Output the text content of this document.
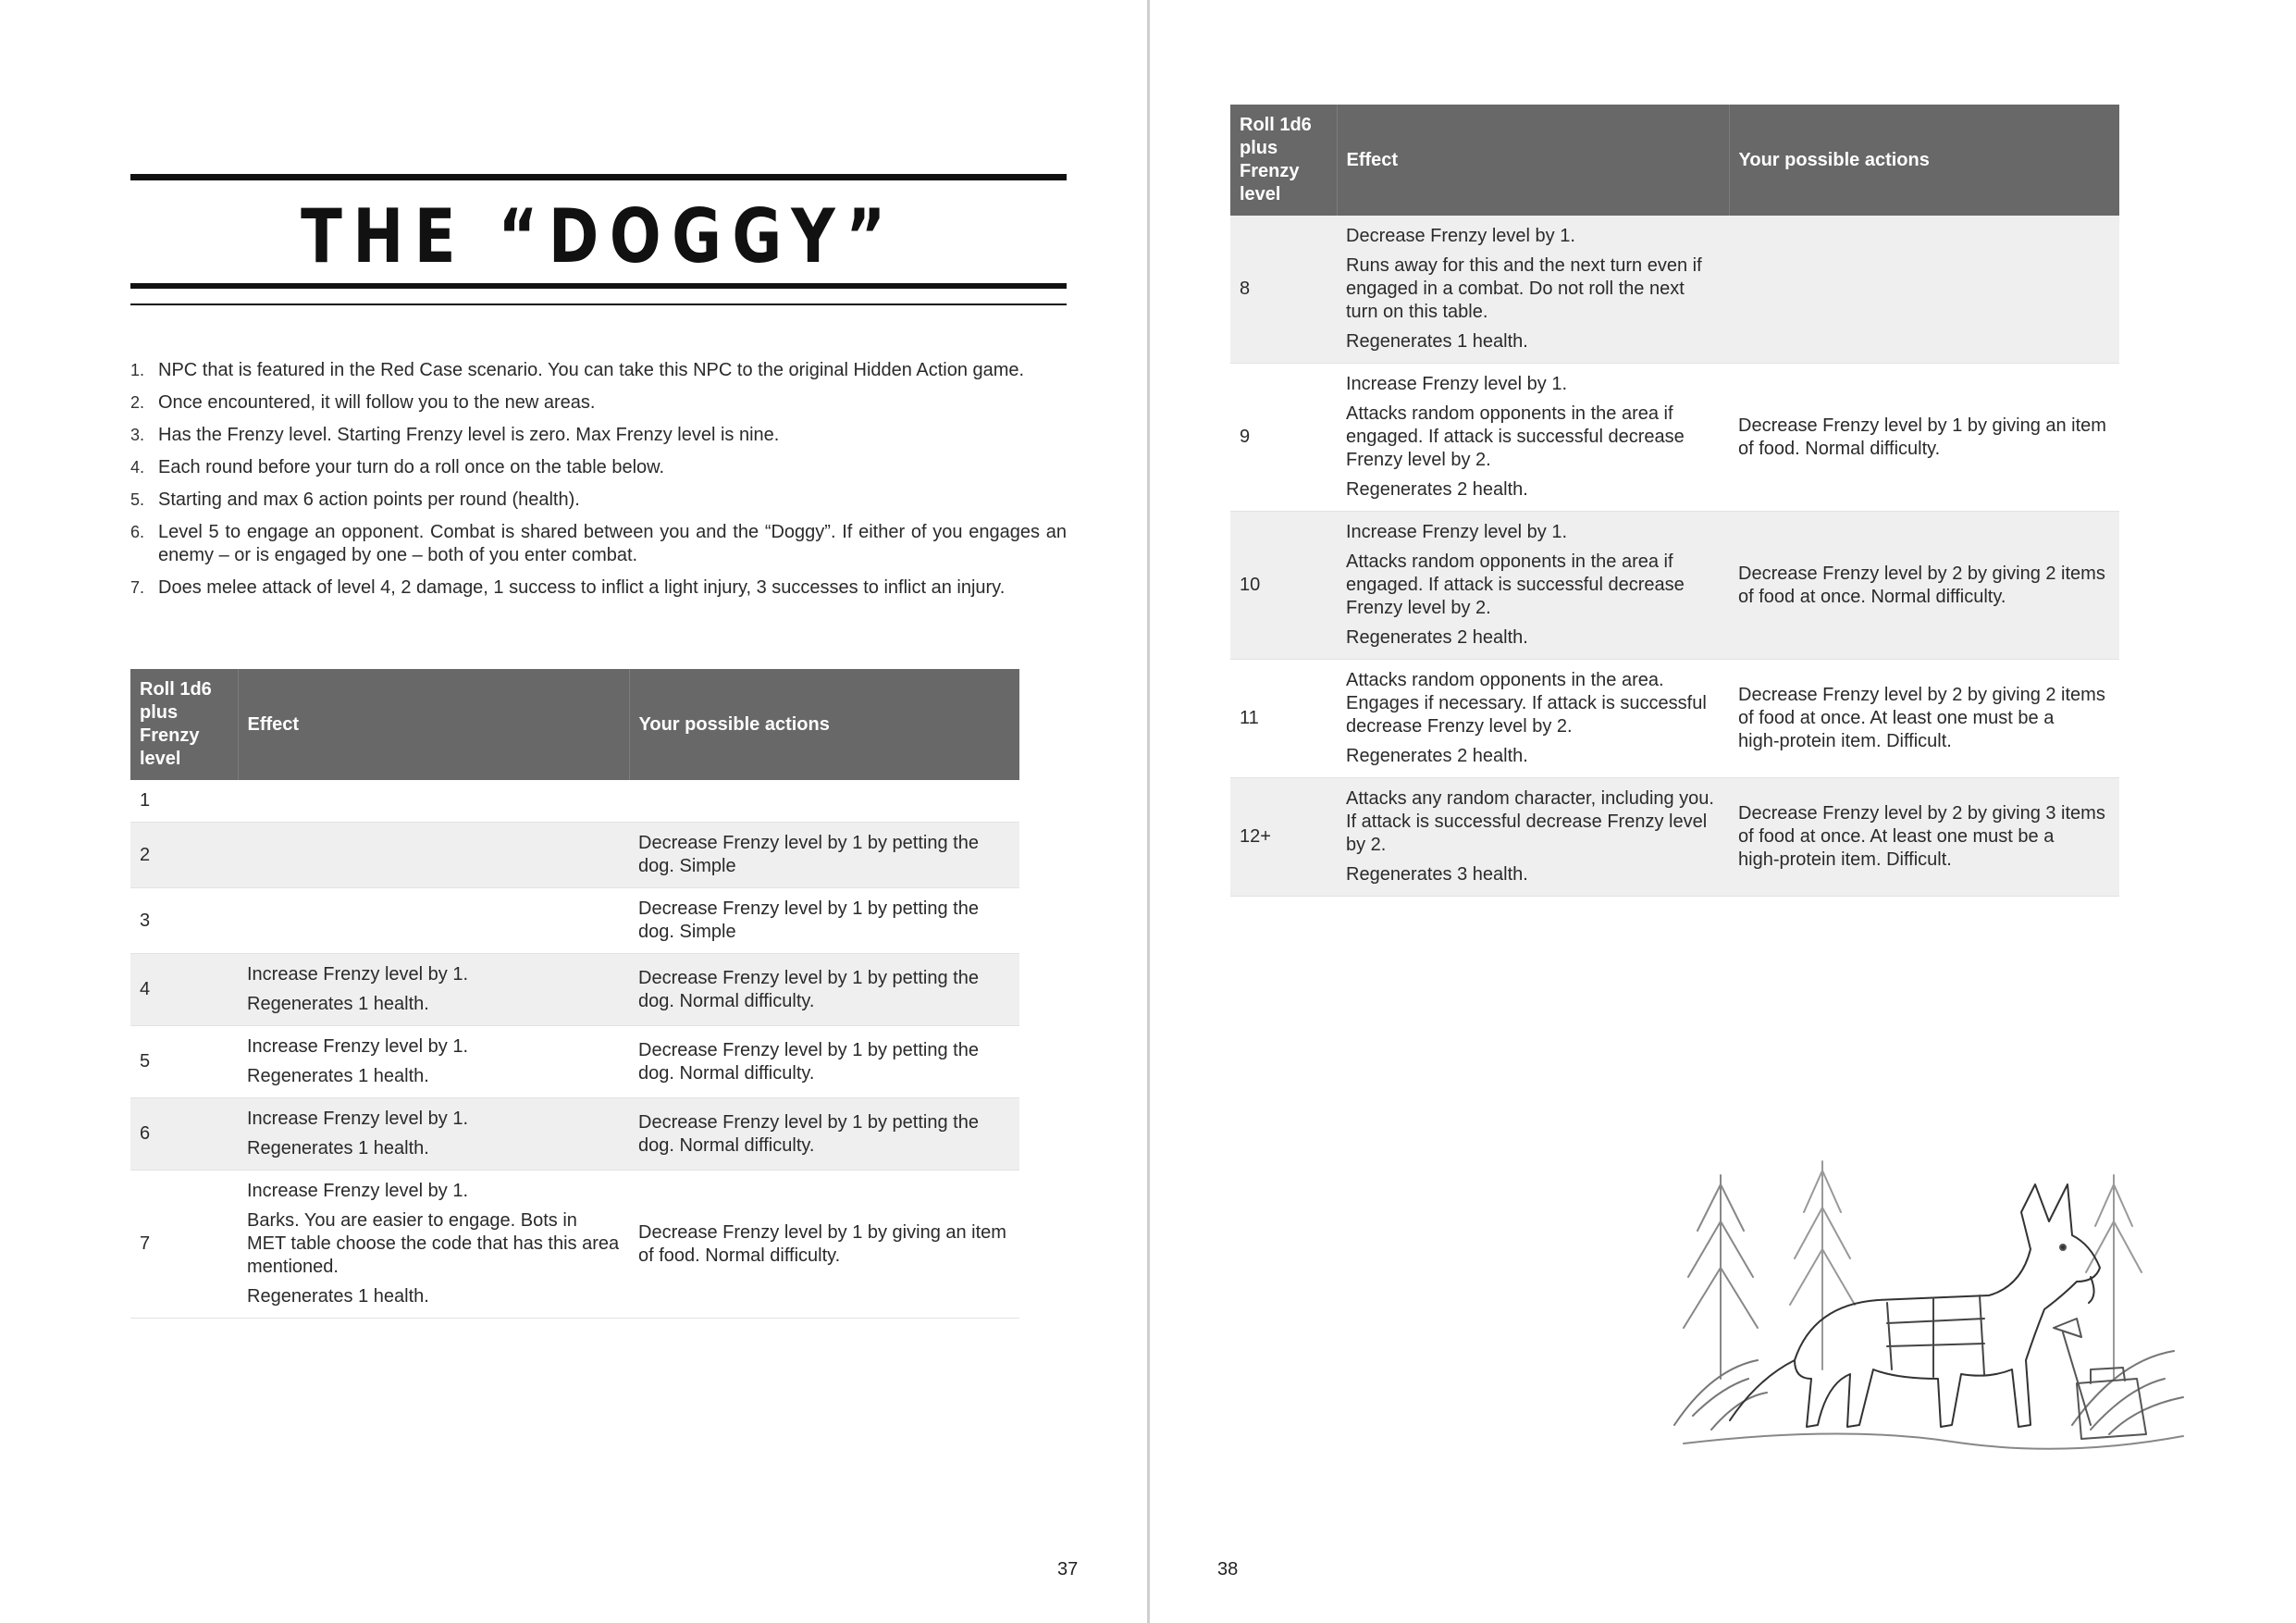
THE “DOGGY”
1. NPC that is featured in the Red Case scenario. You can take this NPC to the original Hidden Action game.
2. Once encountered, it will follow you to the new areas.
3. Has the Frenzy level. Starting Frenzy level is zero. Max Frenzy level is nine.
4. Each round before your turn do a roll once on the table below.
5. Starting and max 6 action points per round (health).
6. Level 5 to engage an opponent. Combat is shared between you and the “Doggy”. If either of you engages an enemy – or is engaged by one – both of you enter combat.
7. Does melee attack of level 4, 2 damage, 1 success to inflict a light injury, 3 successes to inflict an injury.
Roll 1d6 plus Frenzy level	Effect	Your possible actions
1		
2		Decrease Frenzy level by 1 by petting the dog. Simple
3		Decrease Frenzy level by 1 by petting the dog. Simple
4	Increase Frenzy level by 1.
Regenerates 1 health.	Decrease Frenzy level by 1 by petting the dog. Normal difficulty.
5	Increase Frenzy level by 1.
Regenerates 1 health.	Decrease Frenzy level by 1 by petting the dog. Normal difficulty.
6	Increase Frenzy level by 1.
Regenerates 1 health.	Decrease Frenzy level by 1 by petting the dog. Normal difficulty.
7	Increase Frenzy level by 1.
Barks. You are easier to engage. Bots in MET table choose the code that has this area mentioned.
Regenerates 1 health.	Decrease Frenzy level by 1 by giving an item of food. Normal difficulty.
37
Roll 1d6 plus Frenzy level	Effect	Your possible actions
8	Decrease Frenzy level by 1.
Runs away for this and the next turn even if engaged in a combat. Do not roll the next turn on this table.
Regenerates 1 health.	

9	Increase Frenzy level by 1.
Attacks random opponents in the area if engaged. If attack is successful decrease Frenzy level by 2.
Regenerates 2 health.	Decrease Frenzy level by 1 by giving an item of food. Normal difficulty.
10	Increase Frenzy level by 1.
Attacks random opponents in the area if engaged. If attack is successful decrease Frenzy level by 2.
Regenerates 2 health.	Decrease Frenzy level by 2 by giving 2 items of food at once. Normal difficulty.
11	Attacks random opponents in the area. Engages if necessary. If attack is successful decrease Frenzy level by 2.
Regenerates 2 health.	Decrease Frenzy level by 2 by giving 2 items of food at once. At least one must be a high‑protein item. Difficult.
12+	Attacks any random character, including you. If attack is successful decrease Frenzy level by 2.
Regenerates 3 health.	Decrease Frenzy level by 2 by giving 3 items of food at once. At least one must be a high‑protein item. Difficult.
38
